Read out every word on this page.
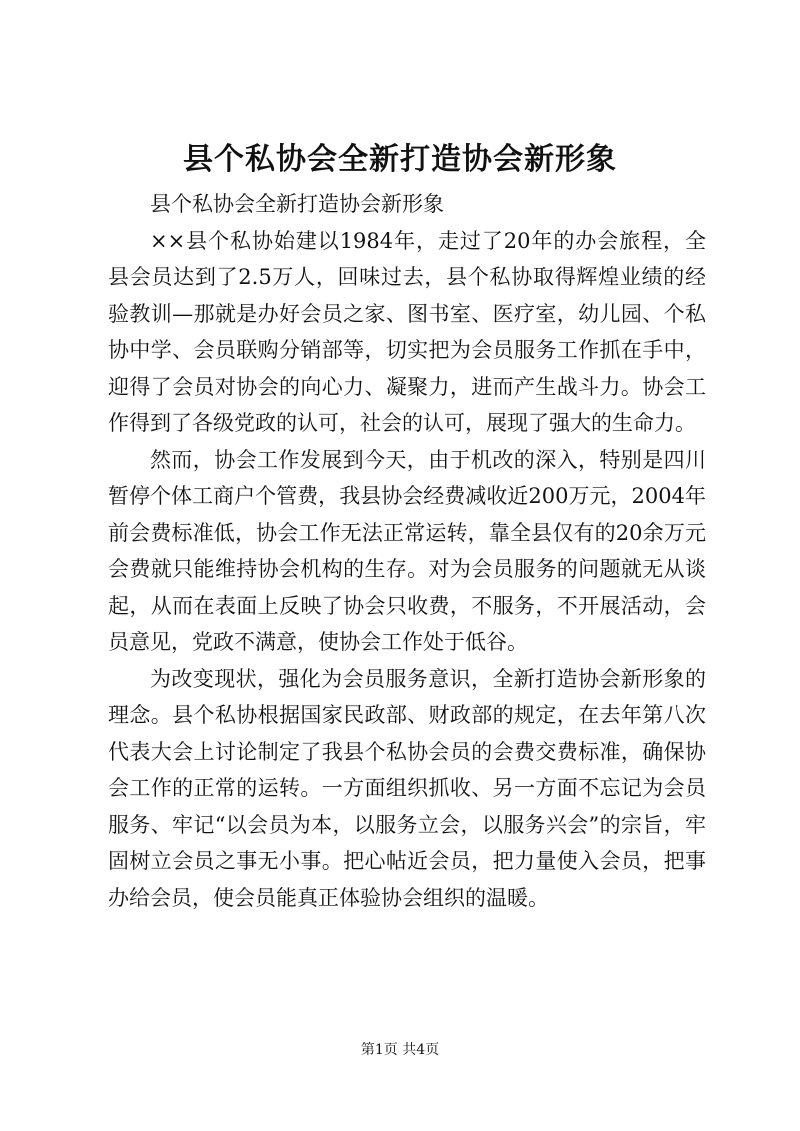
县个私协会全新打造协会新形象

县个私协会全新打造协会新形象

××县个私协始建以1984年，走过了20年的办会旅程，全县会员达到了2.5万人，回味过去，县个私协取得辉煌业绩的经验教训—那就是办好会员之家、图书室、医疗室，幼儿园、个私协中学、会员联购分销部等，切实把为会员服务工作抓在手中，迎得了会员对协会的向心力、凝聚力，进而产生战斗力。协会工作得到了各级党政的认可，社会的认可，展现了强大的生命力。

然而，协会工作发展到今天，由于机改的深入，特别是四川暂停个体工商户个管费，我县协会经费减收近200万元，2004年前会费标准低，协会工作无法正常运转，靠全县仅有的20余万元会费就只能维持协会机构的生存。对为会员服务的问题就无从谈起，从而在表面上反映了协会只收费，不服务，不开展活动，会员意见，党政不满意，使协会工作处于低谷。

为改变现状，强化为会员服务意识，全新打造协会新形象的理念。县个私协根据国家民政部、财政部的规定，在去年第八次代表大会上讨论制定了我县个私协会员的会费交费标准，确保协会工作的正常的运转。一方面组织抓收、另一方面不忘记为会员服务、牢记“以会员为本，以服务立会，以服务兴会”的宗旨，牢固树立会员之事无小事。把心帖近会员，把力量使入会员，把事办给会员，使会员能真正体验协会组织的温暖。

第1页 共4页
